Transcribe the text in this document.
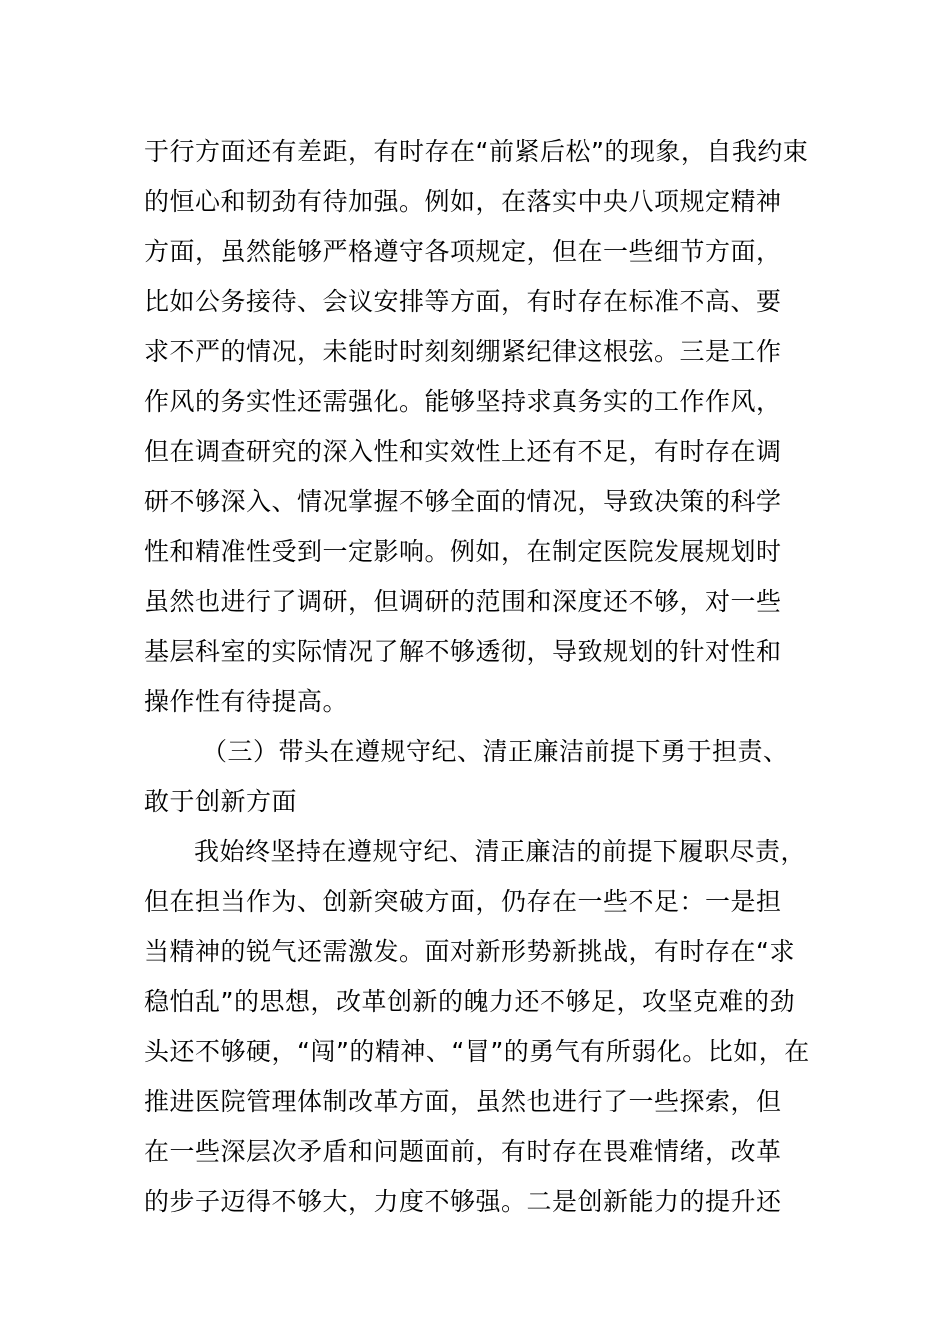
于行方面还有差距，有时存在“前紧后松”的现象，自我约束
的恒心和韧劲有待加强。例如，在落实中央八项规定精神
方面，虽然能够严格遵守各项规定，但在一些细节方面，
比如公务接待、会议安排等方面，有时存在标准不高、要
求不严的情况，未能时时刻刻绷紧纪律这根弦。三是工作
作风的务实性还需强化。能够坚持求真务实的工作作风，
但在调查研究的深入性和实效性上还有不足，有时存在调
研不够深入、情况掌握不够全面的情况，导致决策的科学
性和精准性受到一定影响。例如，在制定医院发展规划时
虽然也进行了调研，但调研的范围和深度还不够，对一些
基层科室的实际情况了解不够透彻，导致规划的针对性和
操作性有待提高。
（三）带头在遵规守纪、清正廉洁前提下勇于担责、
敢于创新方面
我始终坚持在遵规守纪、清正廉洁的前提下履职尽责，
但在担当作为、创新突破方面，仍存在一些不足：一是担
当精神的锐气还需激发。面对新形势新挑战，有时存在“求
稳怕乱”的思想，改革创新的魄力还不够足，攻坚克难的劲
头还不够硬，“闯”的精神、“冒”的勇气有所弱化。比如，在
推进医院管理体制改革方面，虽然也进行了一些探索，但
在一些深层次矛盾和问题面前，有时存在畏难情绪，改革
的步子迈得不够大，力度不够强。二是创新能力的提升还
